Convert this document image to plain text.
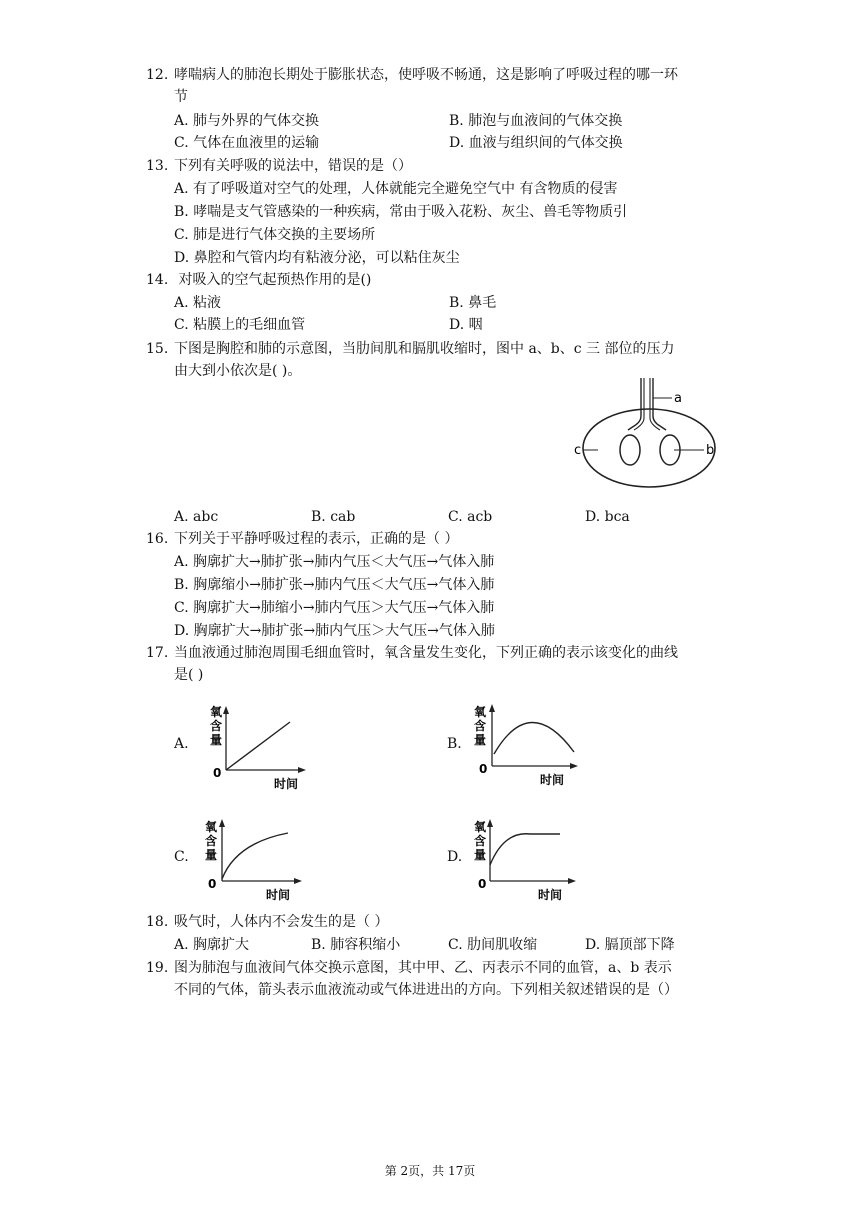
12. 哮喘病人的肺泡长期处于膨胀状态，使呼吸不畅通，这是影响了呼吸过程的哪一环
节
A. 肺与外界的气体交换	B. 肺泡与血液间的气体交换
C. 气体在血液里的运输	D. 血液与组织间的气体交换
13. 下列有关呼吸的说法中，错误的是（）
A. 有了呼吸道对空气的处理，人体就能完全避免空气中 有含物质的侵害
B. 哮喘是支气管感染的一种疾病，常由于吸入花粉、灰尘、兽毛等物质引
C. 肺是进行气体交换的主要场所
D. 鼻腔和气管内均有粘液分泌，可以粘住灰尘
14. 对吸入的空气起预热作用的是()
A. 粘液	B. 鼻毛
C. 粘膜上的毛细血管	D. 咽
15. 下图是胸腔和肺的示意图，当肋间肌和膈肌收缩时，图中 a、b、c 三 部位的压力
由大到小依次是( )。
a
c	b
A. abc	B. cab	C. acb	D. bca
16. 下列关于平静呼吸过程的表示，正确的是（ ）
A. 胸廓扩大→肺扩张→肺内气压＜大气压→气体入肺
B. 胸廓缩小→肺扩张→肺内气压＜大气压→气体入肺
C. 胸廓扩大→肺缩小→肺内气压＞大气压→气体入肺
D. 胸廓扩大→肺扩张→肺内气压＞大气压→气体入肺
17. 当血液通过肺泡周围毛细血管时，氧含量发生变化，下列正确的表示该变化的曲线
是( )
A.
氧
含
量
0
时间
B.
氧
含
量
0
时间
C.
氧
含
量
0
时间
D.
氧
含
量
0
时间
18. 吸气时，人体内不会发生的是（ ）
A. 胸廓扩大	B. 肺容积缩小	C. 肋间肌收缩	D. 膈顶部下降
19. 图为肺泡与血液间气体交换示意图，其中甲、乙、丙表示不同的血管，a、b 表示
不同的气体，箭头表示血液流动或气体进进出的方向。下列相关叙述错误的是（）
第 2页，共 17页
